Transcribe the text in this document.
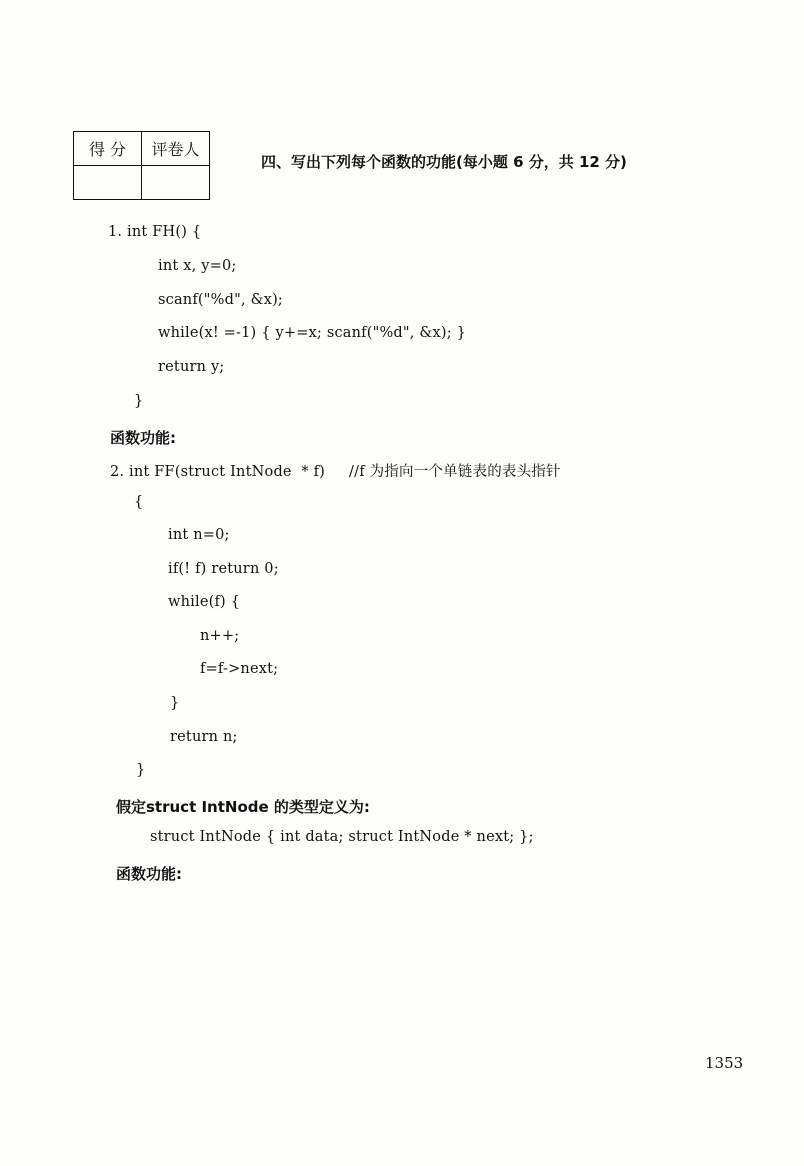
得 分	评卷人

四、写出下列每个函数的功能(每小题 6 分，共 12 分)
1. int FH() {
int x, y=0;
scanf("%d", &x);
while(x! =-1) { y+=x; scanf("%d", &x); }
return y;
}
函数功能:
2. int FF(struct IntNode  * f)     //f 为指向一个单链表的表头指针
{
int n=0;
if(! f) return 0;
while(f) {
n++;
f=f->next;
}
return n;
}
假定struct IntNode 的类型定义为:
struct IntNode { int data; struct IntNode * next; };
函数功能:
1353
